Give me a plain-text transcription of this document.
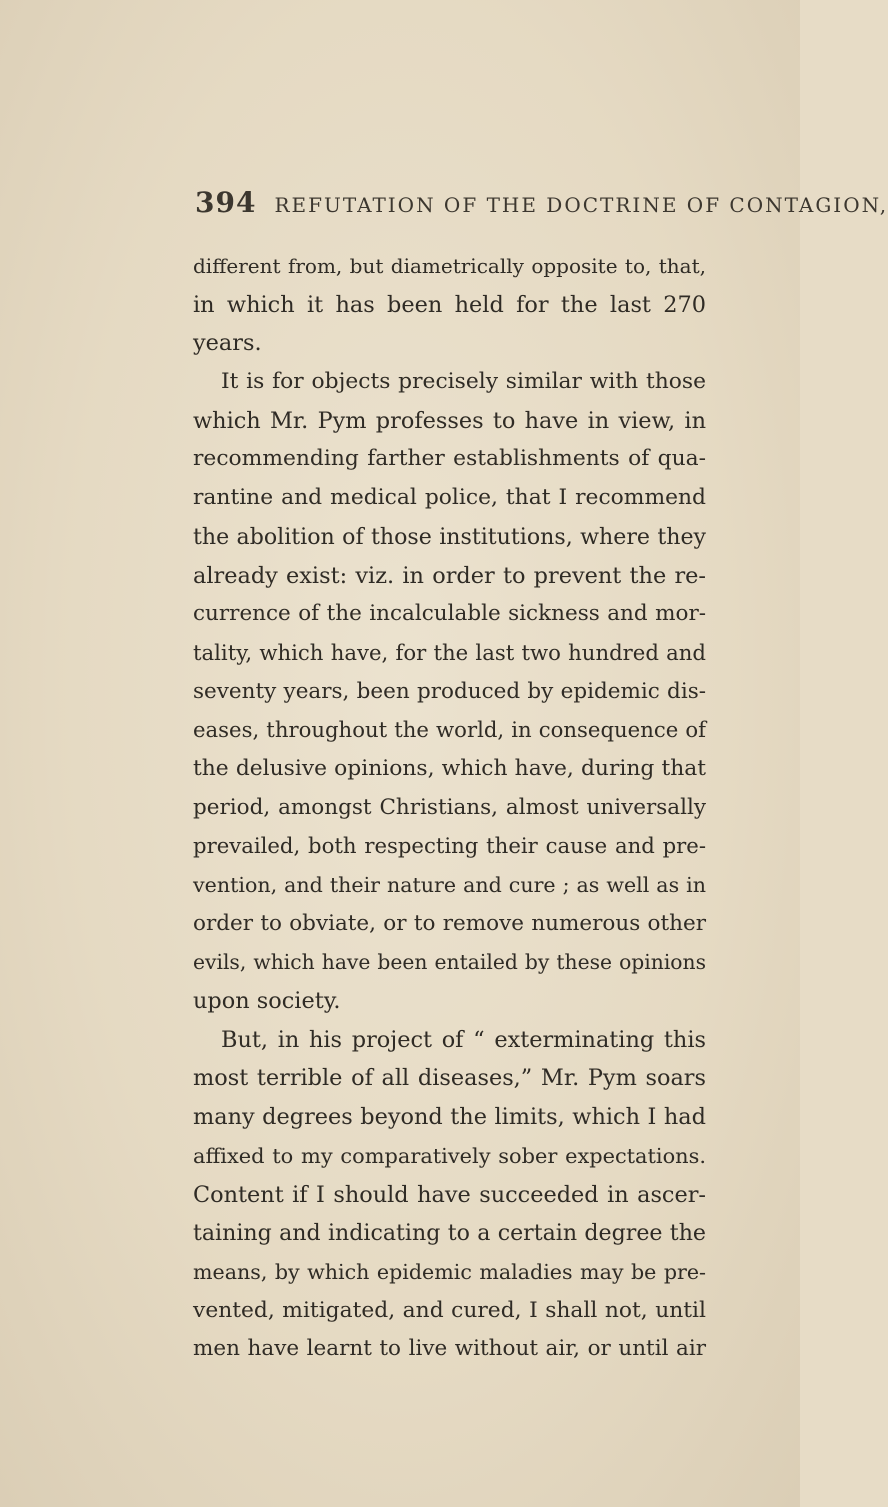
394 REFUTATION OF THE DOCTRINE OF CONTAGION,
different from, but diametrically opposite to, that,
in which it has been held for the last 270
years.
It is for objects precisely similar with those
which Mr. Pym professes to have in view, in
recommending farther establishments of qua-
rantine and medical police, that I recommend
the abolition of those institutions, where they
already exist: viz. in order to prevent the re-
currence of the incalculable sickness and mor-
tality, which have, for the last two hundred and
seventy years, been produced by epidemic dis-
eases, throughout the world, in consequence of
the delusive opinions, which have, during that
period, amongst Christians, almost universally
prevailed, both respecting their cause and pre-
vention, and their nature and cure ; as well as in
order to obviate, or to remove numerous other
evils, which have been entailed by these opinions
upon society.
But, in his project of “ exterminating this
most terrible of all diseases,” Mr. Pym soars
many degrees beyond the limits, which I had
affixed to my comparatively sober expectations.
Content if I should have succeeded in ascer-
taining and indicating to a certain degree the
means, by which epidemic maladies may be pre-
vented, mitigated, and cured, I shall not, until
men have learnt to live without air, or until air
